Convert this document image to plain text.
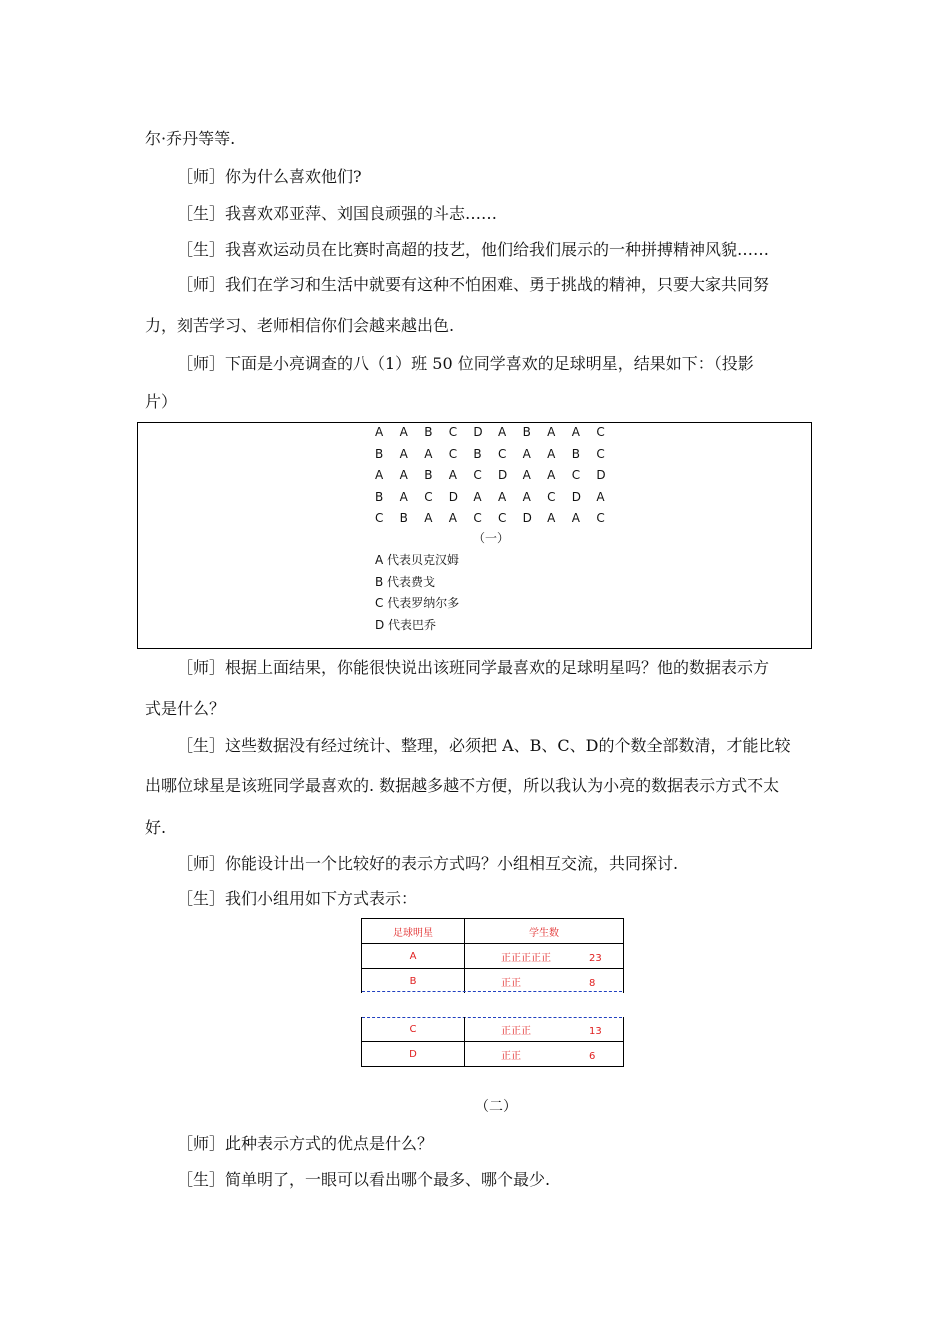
尔·乔丹等等.
［师］你为什么喜欢他们?
［生］我喜欢邓亚萍、刘国良顽强的斗志……
［生］我喜欢运动员在比赛时高超的技艺，他们给我们展示的一种拼搏精神风貌……
［师］我们在学习和生活中就要有这种不怕困难、勇于挑战的精神，只要大家共同努
力，刻苦学习、老师相信你们会越来越出色.
［师］下面是小亮调查的八（1）班 50 位同学喜欢的足球明星，结果如下：（投影
片）
A	A	B	C	D	A	B	A	A	C
B	A	A	C	B	C	A	A	B	C
A	A	B	A	C	D	A	A	C	D
B	A	C	D	A	A	A	C	D	A
C	B	A	A	C	C	D	A	A	C
（一）
A 代表贝克汉姆
B 代表费戈
C 代表罗纳尔多
D 代表巴乔
［师］根据上面结果，你能很快说出该班同学最喜欢的足球明星吗？他的数据表示方
式是什么？
［生］这些数据没有经过统计、整理，必须把 A、B、C、D的个数全部数清，才能比较
出哪位球星是该班同学最喜欢的. 数据越多越不方便，所以我认为小亮的数据表示方式不太
好.
［师］你能设计出一个比较好的表示方式吗？小组相互交流，共同探讨.
［生］我们小组用如下方式表示：
足球明星	学生数
A	正正正正正 23
B	正正 8
C	正正正 13
D	正正 6
（二）
［师］此种表示方式的优点是什么？
［生］简单明了，一眼可以看出哪个最多、哪个最少.
